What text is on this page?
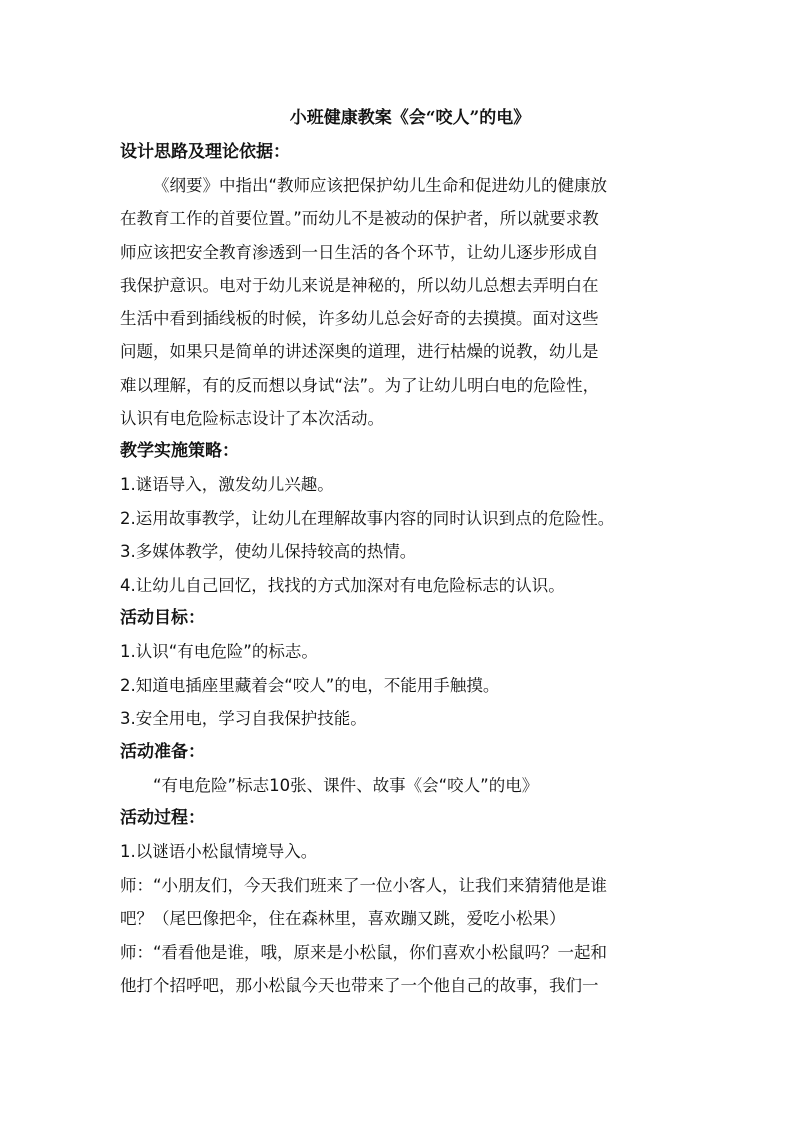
小班健康教案《会“咬人”的电》
设计思路及理论依据：
《纲要》中指出“教师应该把保护幼儿生命和促进幼儿的健康放
在教育工作的首要位置。”而幼儿不是被动的保护者，所以就要求教
师应该把安全教育渗透到一日生活的各个环节，让幼儿逐步形成自
我保护意识。电对于幼儿来说是神秘的，所以幼儿总想去弄明白在
生活中看到插线板的时候，许多幼儿总会好奇的去摸摸。面对这些
问题，如果只是简单的讲述深奥的道理，进行枯燥的说教，幼儿是
难以理解，有的反而想以身试“法”。为了让幼儿明白电的危险性，
认识有电危险标志设计了本次活动。
教学实施策略：
1.谜语导入，激发幼儿兴趣。
2.运用故事教学，让幼儿在理解故事内容的同时认识到点的危险性。
3.多媒体教学，使幼儿保持较高的热情。
4.让幼儿自己回忆，找找的方式加深对有电危险标志的认识。
活动目标：
1.认识“有电危险”的标志。
2.知道电插座里藏着会“咬人”的电，不能用手触摸。
3.安全用电，学习自我保护技能。
活动准备：
“有电危险”标志10张、课件、故事《会“咬人”的电》
活动过程：
1.以谜语小松鼠情境导入。
师：“小朋友们，今天我们班来了一位小客人，让我们来猜猜他是谁
吧？（尾巴像把伞，住在森林里，喜欢蹦又跳，爱吃小松果）
师：“看看他是谁，哦，原来是小松鼠，你们喜欢小松鼠吗？一起和
他打个招呼吧，那小松鼠今天也带来了一个他自己的故事，我们一
